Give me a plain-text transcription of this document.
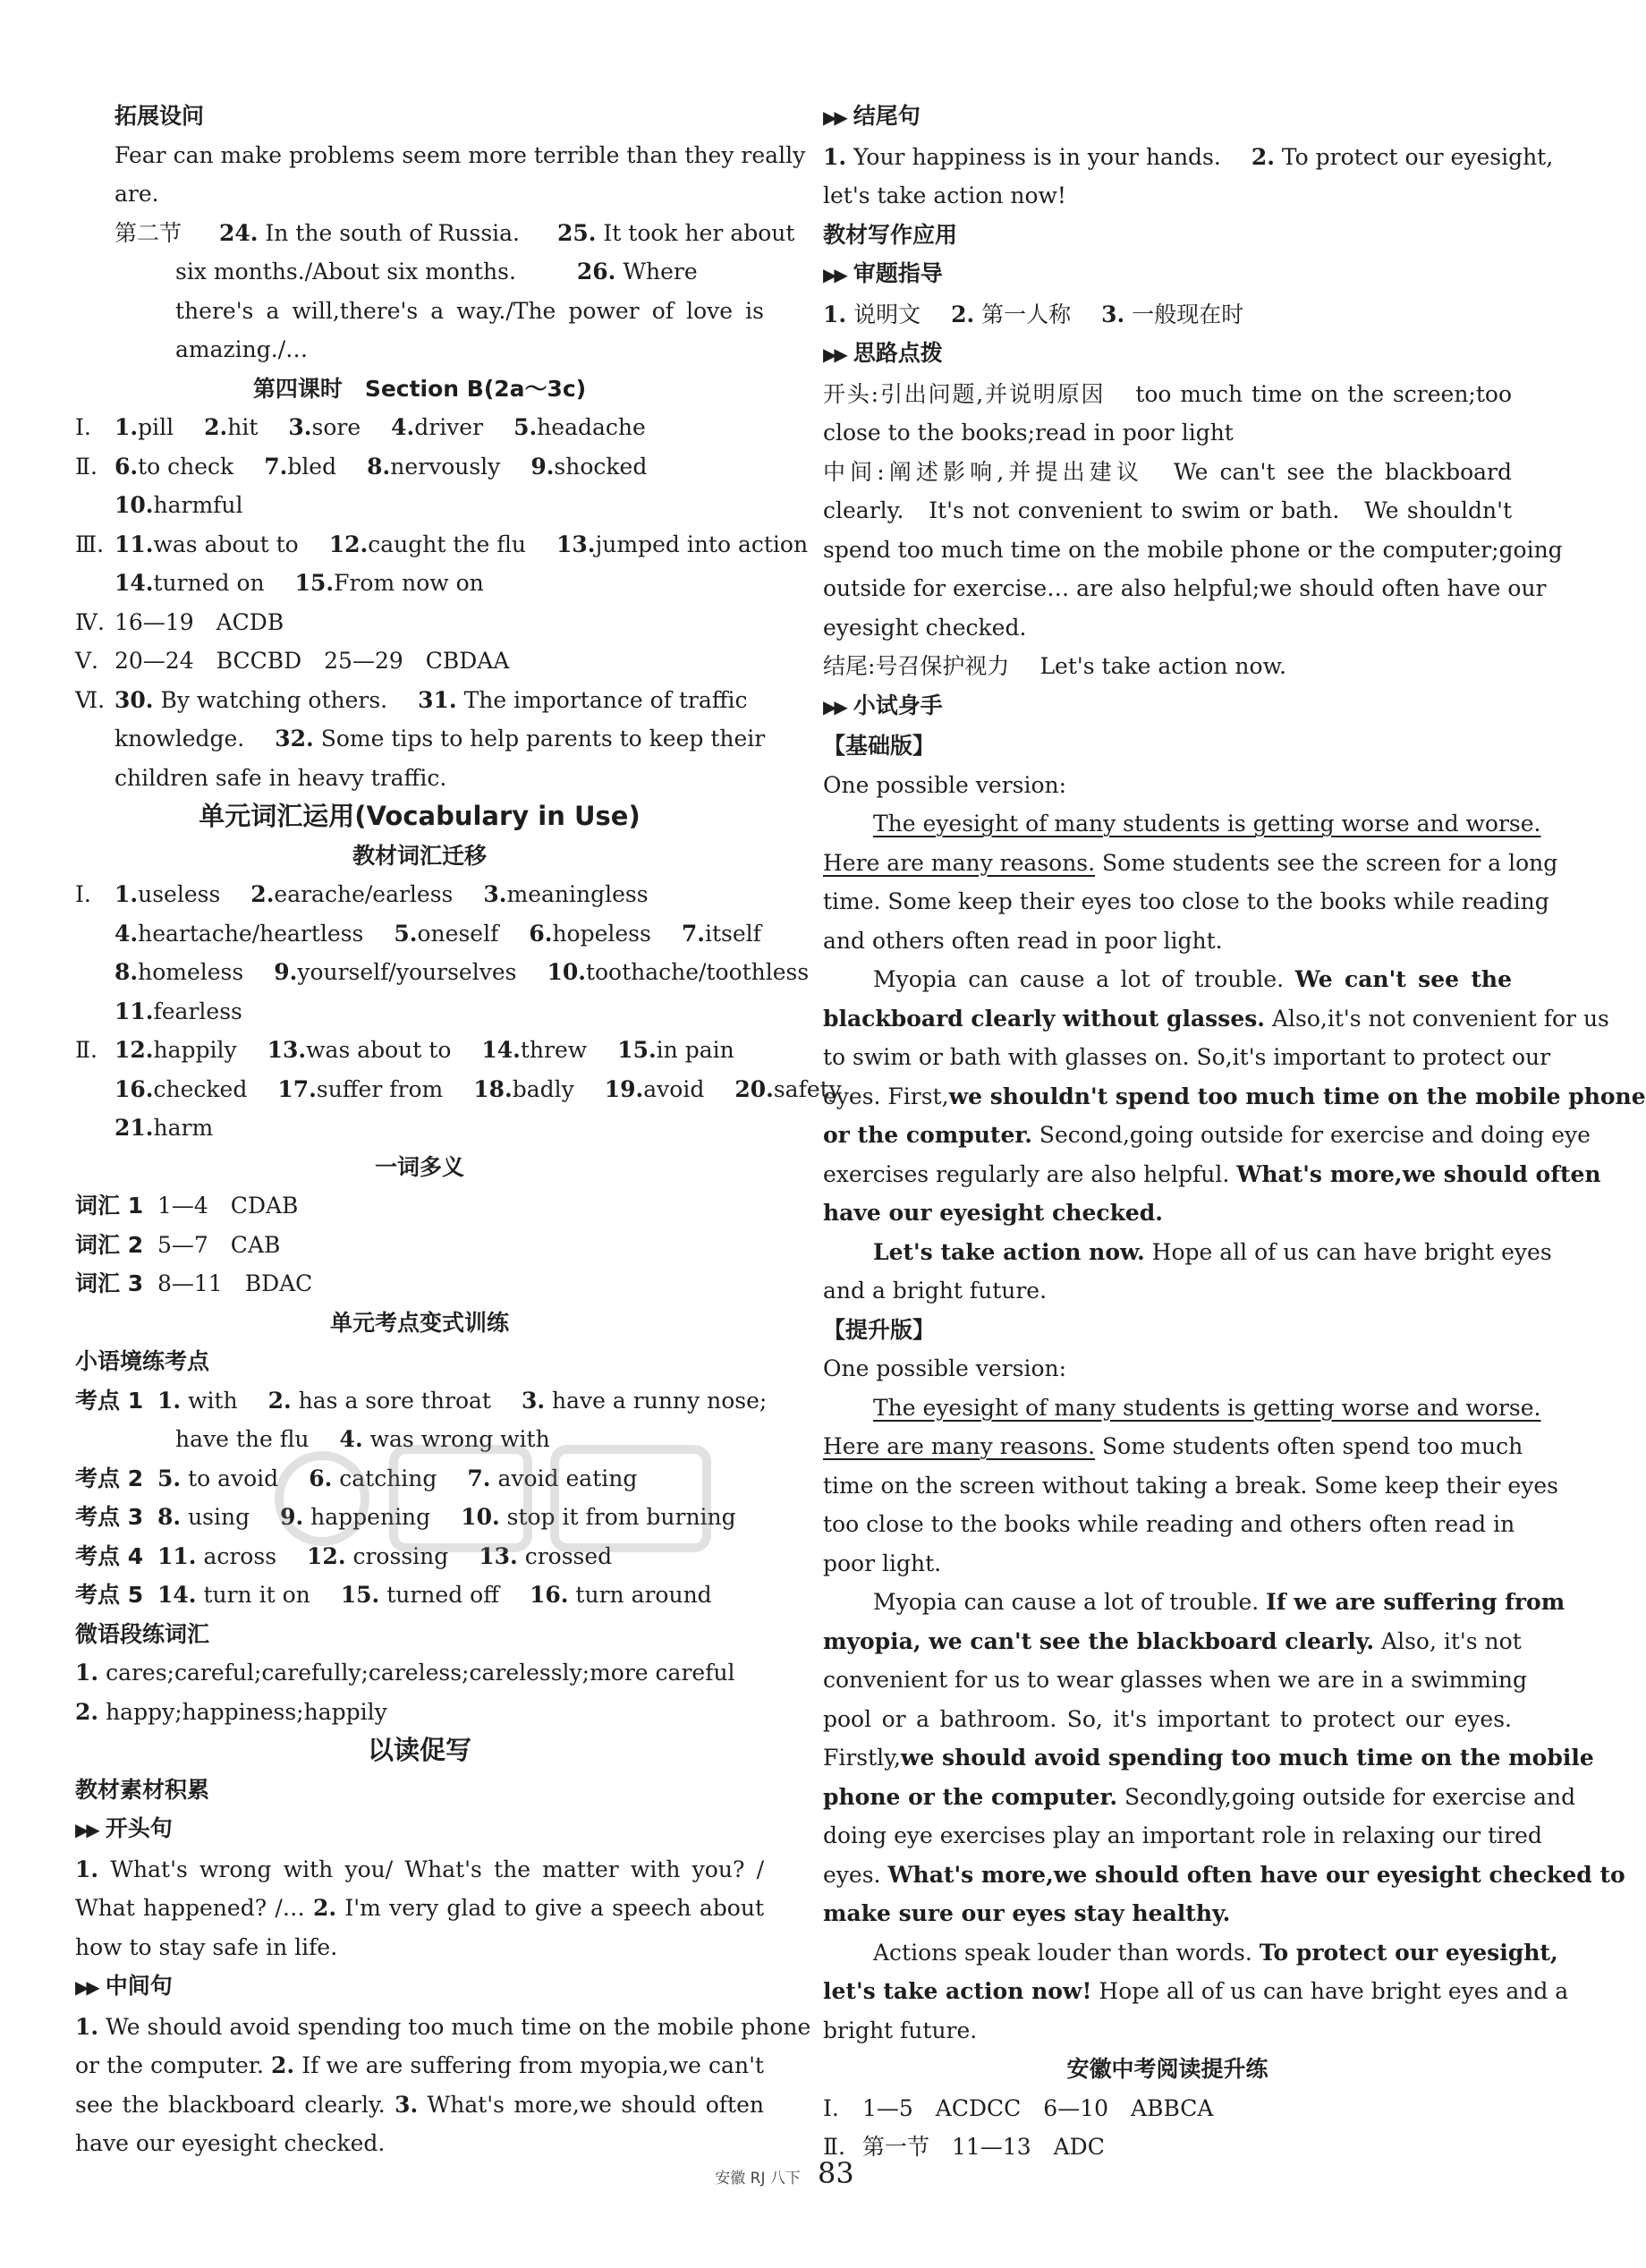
拓展设问
Fear can make problems seem more terrible than they really
are.
第二节 24. In the south of Russia. 25. It took her about
six months./About six months.	26. Where
there's a will,there's a way./The power of love is
amazing./…
第四课时　Section B(2a～3c)
Ⅰ. 1.pill 2.hit 3.sore 4.driver 5.headache
Ⅱ. 6.to check 7.bled 8.nervously 9.shocked
10.harmful
Ⅲ. 11.was about to 12.caught the flu 13.jumped into action
14.turned on 15.From now on
Ⅳ. 16—19　ACDB
Ⅴ. 20—24　BCCBD　25—29　CBDAA
Ⅵ. 30. By watching others. 31. The importance of traffic
knowledge. 32. Some tips to help parents to keep their
children safe in heavy traffic.
单元词汇运用(Vocabulary in Use)
教材词汇迁移
Ⅰ. 1.useless 2.earache/earless 3.meaningless
4.heartache/heartless 5.oneself 6.hopeless 7.itself
8.homeless 9.yourself/yourselves 10.toothache/toothless
11.fearless
Ⅱ. 12.happily 13.was about to 14.threw 15.in pain
16.checked 17.suffer from 18.badly 19.avoid 20.safety
21.harm
一词多义
词汇 1 1—4　CDAB
词汇 2 5—7　CAB
词汇 3 8—11　BDAC
单元考点变式训练
小语境练考点
考点 1 1. with 2. has a sore throat 3. have a runny nose;
have the flu 4. was wrong with
考点 2 5. to avoid 6. catching 7. avoid eating
考点 3 8. using 9. happening 10. stop it from burning
考点 4 11. across 12. crossing 13. crossed
考点 5 14. turn it on 15. turned off 16. turn around
微语段练词汇
1. cares;careful;carefully;careless;carelessly;more careful
2. happy;happiness;happily
以读促写
教材素材积累
▶▶ 开头句
1. What's wrong with you/ What's the matter with you? /
What happened? /… 2. I'm very glad to give a speech about
how to stay safe in life.
▶▶ 中间句
1. We should avoid spending too much time on the mobile phone
or the computer. 2. If we are suffering from myopia,we can't
see the blackboard clearly. 3. What's more,we should often
have our eyesight checked.
▶▶ 结尾句
1. Your happiness is in your hands. 2. To protect our eyesight,
let's take action now!
教材写作应用
▶▶ 审题指导
1. 说明文 2. 第一人称 3. 一般现在时
▶▶ 思路点拨
开头:引出问题,并说明原因 too much time on the screen;too
close to the books;read in poor light
中间:阐述影响,并提出建议 We can't see the blackboard
clearly.　It's not convenient to swim or bath.　We shouldn't
spend too much time on the mobile phone or the computer;going
outside for exercise… are also helpful;we should often have our
eyesight checked.
结尾:号召保护视力 Let's take action now.
▶▶ 小试身手
【基础版】
One possible version:
The eyesight of many students is getting worse and worse.
Here are many reasons. Some students see the screen for a long
time. Some keep their eyes too close to the books while reading
and others often read in poor light.
Myopia can cause a lot of trouble. We can't see the
blackboard clearly without glasses. Also,it's not convenient for us
to swim or bath with glasses on. So,it's important to protect our
eyes. First,we shouldn't spend too much time on the mobile phone
or the computer. Second,going outside for exercise and doing eye
exercises regularly are also helpful. What's more,we should often
have our eyesight checked.
Let's take action now. Hope all of us can have bright eyes
and a bright future.
【提升版】
One possible version:
The eyesight of many students is getting worse and worse.
Here are many reasons. Some students often spend too much
time on the screen without taking a break. Some keep their eyes
too close to the books while reading and others often read in
poor light.
Myopia can cause a lot of trouble. If we are suffering from
myopia, we can't see the blackboard clearly. Also, it's not
convenient for us to wear glasses when we are in a swimming
pool or a bathroom. So, it's important to protect our eyes.
Firstly,we should avoid spending too much time on the mobile
phone or the computer. Secondly,going outside for exercise and
doing eye exercises play an important role in relaxing our tired
eyes. What's more,we should often have our eyesight checked to
make sure our eyes stay healthy.
Actions speak louder than words. To protect our eyesight,
let's take action now! Hope all of us can have bright eyes and a
bright future.
安徽中考阅读提升练
Ⅰ. 1—5　ACDCC　6—10　ABBCA
Ⅱ. 第一节　11—13　ADC
安徽 RJ 八下 83
